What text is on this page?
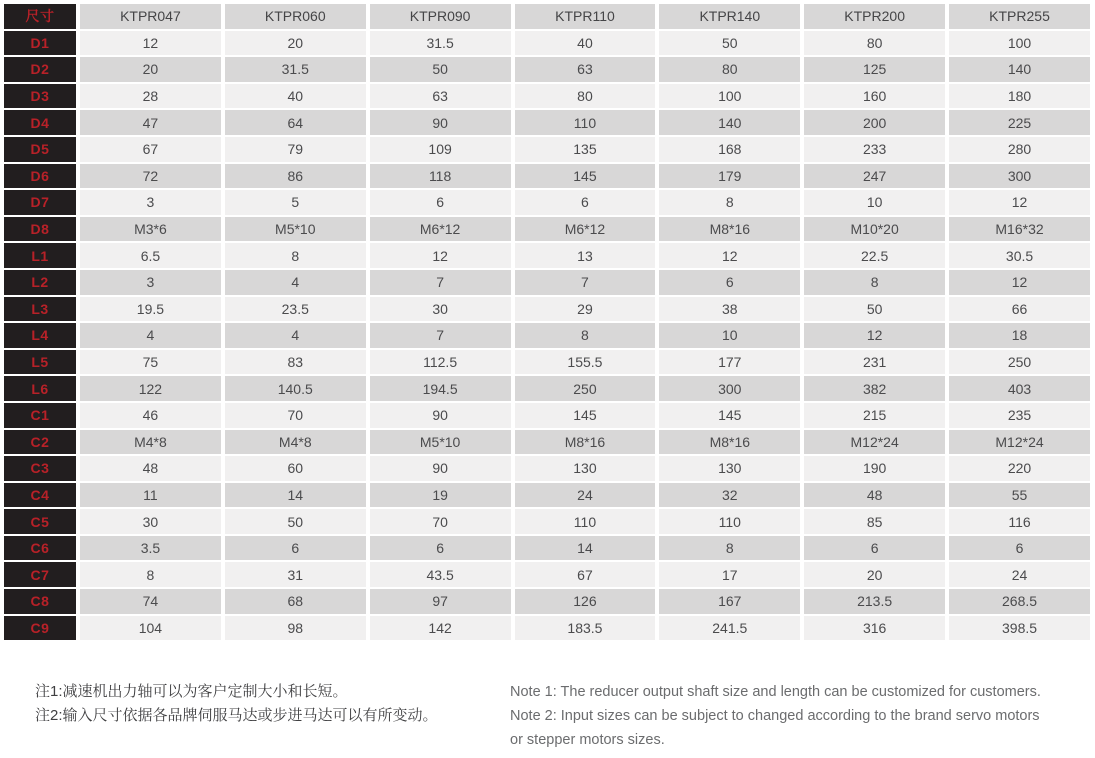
尺寸	KTPR047	KTPR060	KTPR090	KTPR110	KTPR140	KTPR200	KTPR255
D1	12	20	31.5	40	50	80	100
D2	20	31.5	50	63	80	125	140
D3	28	40	63	80	100	160	180
D4	47	64	90	110	140	200	225
D5	67	79	109	135	168	233	280
D6	72	86	118	145	179	247	300
D7	3	5	6	6	8	10	12
D8	M3*6	M5*10	M6*12	M6*12	M8*16	M10*20	M16*32
L1	6.5	8	12	13	12	22.5	30.5
L2	3	4	7	7	6	8	12
L3	19.5	23.5	30	29	38	50	66
L4	4	4	7	8	10	12	18
L5	75	83	112.5	155.5	177	231	250
L6	122	140.5	194.5	250	300	382	403
C1	46	70	90	145	145	215	235
C2	M4*8	M4*8	M5*10	M8*16	M8*16	M12*24	M12*24
C3	48	60	90	130	130	190	220
C4	11	14	19	24	32	48	55
C5	30	50	70	110	110	85	116
C6	3.5	6	6	14	8	6	6
C7	8	31	43.5	67	17	20	24
C8	74	68	97	126	167	213.5	268.5
C9	104	98	142	183.5	241.5	316	398.5

注1:减速机出力轴可以为客户定制大小和长短。

注2:输入尺寸依据各品牌伺服马达或步进马达可以有所变动。

Note 1: The reducer output shaft size and length can be customized for customers.

Note 2: Input sizes can be subject to changed according to the brand servo motors

or stepper motors sizes.
